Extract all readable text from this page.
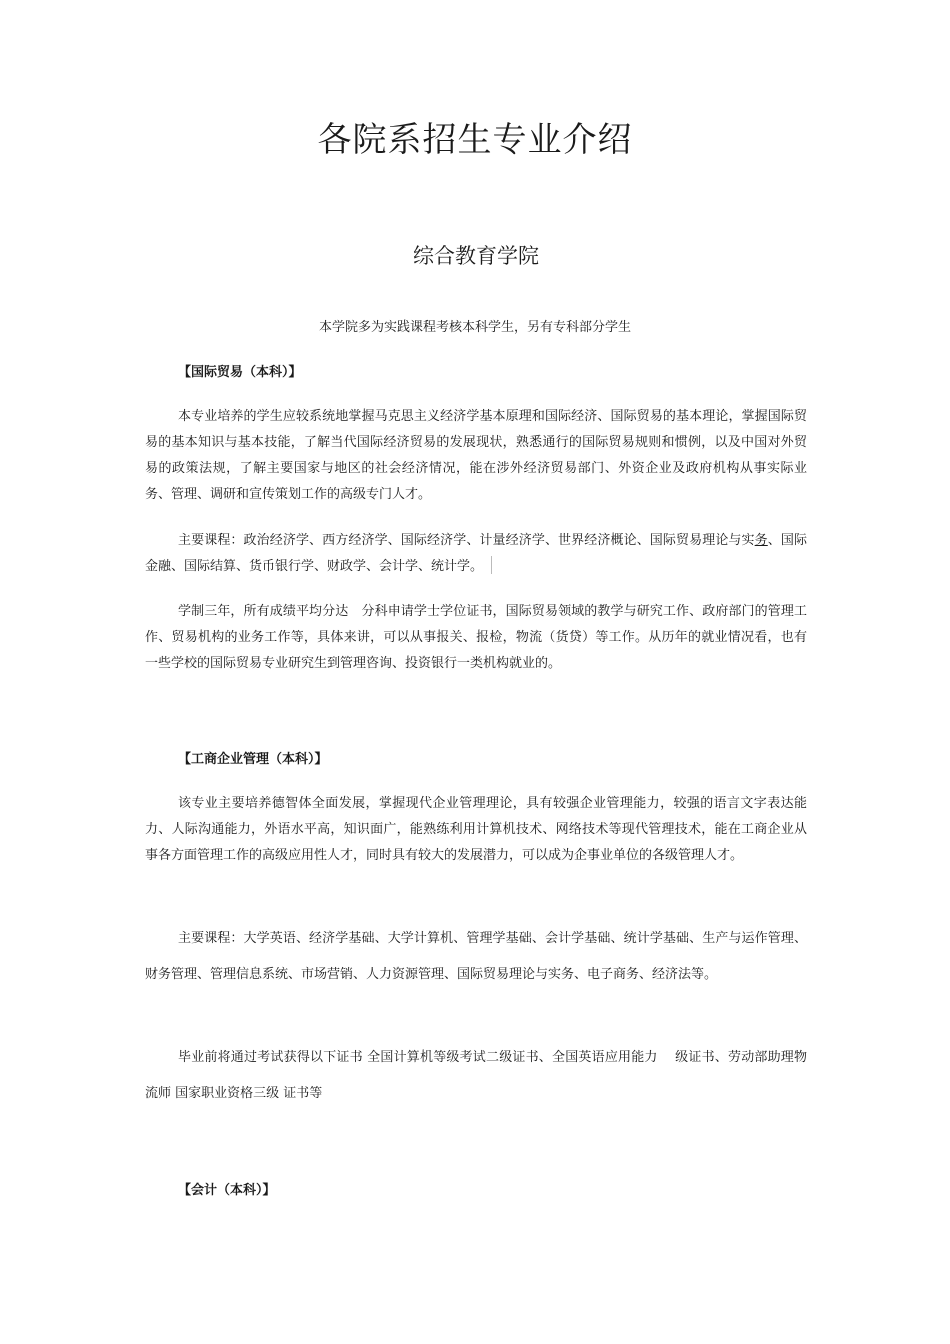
各院系招生专业介绍
综合教育学院
本学院多为实践课程考核本科学生，另有专科部分学生
【国际贸易（本科）】

本专业培养的学生应较系统地掌握马克思主义经济学基本原理和国际经济、国际贸易的基本理论，掌握国际贸易的基本知识与基本技能，了解当代国际经济贸易的发展现状，熟悉通行的国际贸易规则和惯例，以及中国对外贸易的政策法规，了解主要国家与地区的社会经济情况，能在涉外经济贸易部门、外资企业及政府机构从事实际业务、管理、调研和宣传策划工作的高级专门人才。

主要课程：政治经济学、西方经济学、国际经济学、计量经济学、世界经济概论、国际贸易理论与实务、国际金融、国际结算、货币银行学、财政学、会计学、统计学。

学制三年，所有成绩平均分达　分科申请学士学位证书，国际贸易领域的教学与研究工作、政府部门的管理工作、贸易机构的业务工作等，具体来讲，可以从事报关、报检，物流（货贷）等工作。从历年的就业情况看，也有一些学校的国际贸易专业研究生到管理咨询、投资银行一类机构就业的。

【工商企业管理（本科）】

该专业主要培养德智体全面发展，掌握现代企业管理理论，具有较强企业管理能力，较强的语言文字表达能力、人际沟通能力，外语水平高，知识面广，能熟练利用计算机技术、网络技术等现代管理技术，能在工商企业从事各方面管理工作的高级应用性人才，同时具有较大的发展潜力，可以成为企事业单位的各级管理人才。

主要课程：大学英语、经济学基础、大学计算机、管理学基础、会计学基础、统计学基础、生产与运作管理、财务管理、管理信息系统、市场营销、人力资源管理、国际贸易理论与实务、电子商务、经济法等。

毕业前将通过考试获得以下证书 全国计算机等级考试二级证书、全国英语应用能力　 级证书、劳动部助理物流师 国家职业资格三级 证书等

【会计（本科）】
